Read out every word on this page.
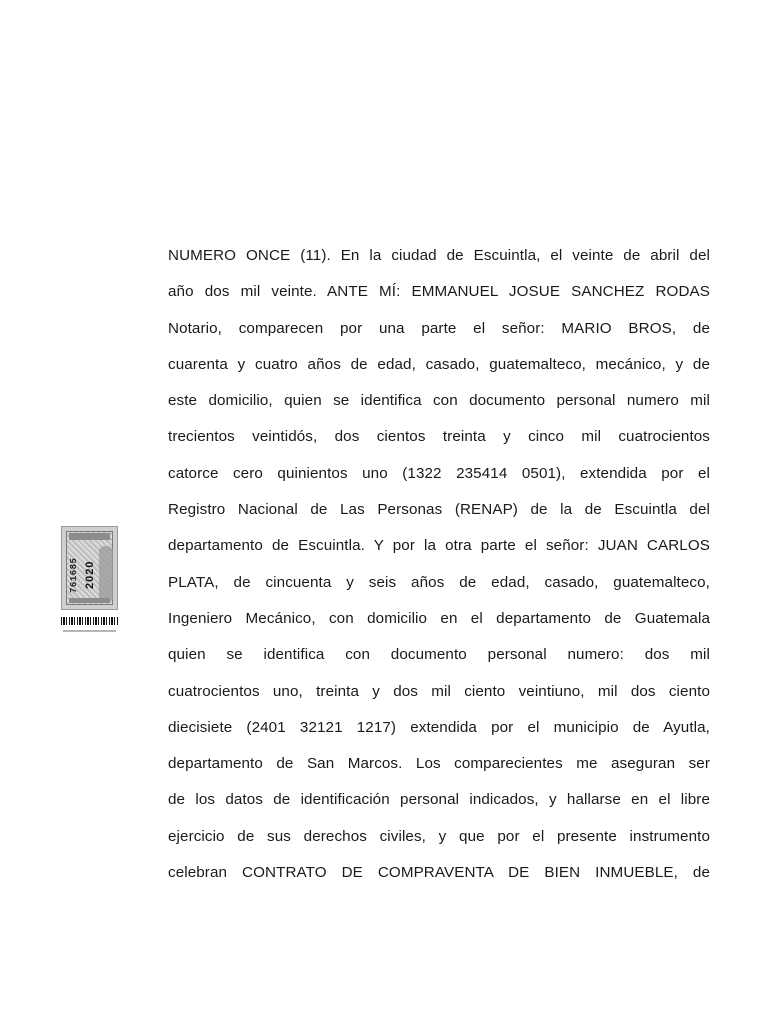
761685 2020
NUMERO ONCE (11). En la ciudad de Escuintla, el veinte de abril del
año dos mil veinte. ANTE MÍ: EMMANUEL JOSUE SANCHEZ RODAS
Notario, comparecen por una parte el señor: MARIO BROS, de
cuarenta y cuatro años de edad, casado, guatemalteco, mecánico, y de
este domicilio, quien se identifica con documento personal numero mil
trecientos veintidós, dos cientos treinta y cinco mil cuatrocientos
catorce cero quinientos uno (1322 235414 0501), extendida por el
Registro Nacional de Las Personas (RENAP) de la de Escuintla del
departamento de Escuintla. Y por la otra parte el señor: JUAN CARLOS
PLATA, de cincuenta y seis años de edad, casado, guatemalteco,
Ingeniero Mecánico, con domicilio en el departamento de Guatemala
quien se identifica con documento personal numero: dos mil
cuatrocientos uno, treinta y dos mil ciento veintiuno, mil dos ciento
diecisiete (2401 32121 1217) extendida por el municipio de Ayutla,
departamento de San Marcos. Los comparecientes me aseguran ser
de los datos de identificación personal indicados, y hallarse en el libre
ejercicio de sus derechos civiles, y que por el presente instrumento
celebran CONTRATO DE COMPRAVENTA DE BIEN INMUEBLE, de
